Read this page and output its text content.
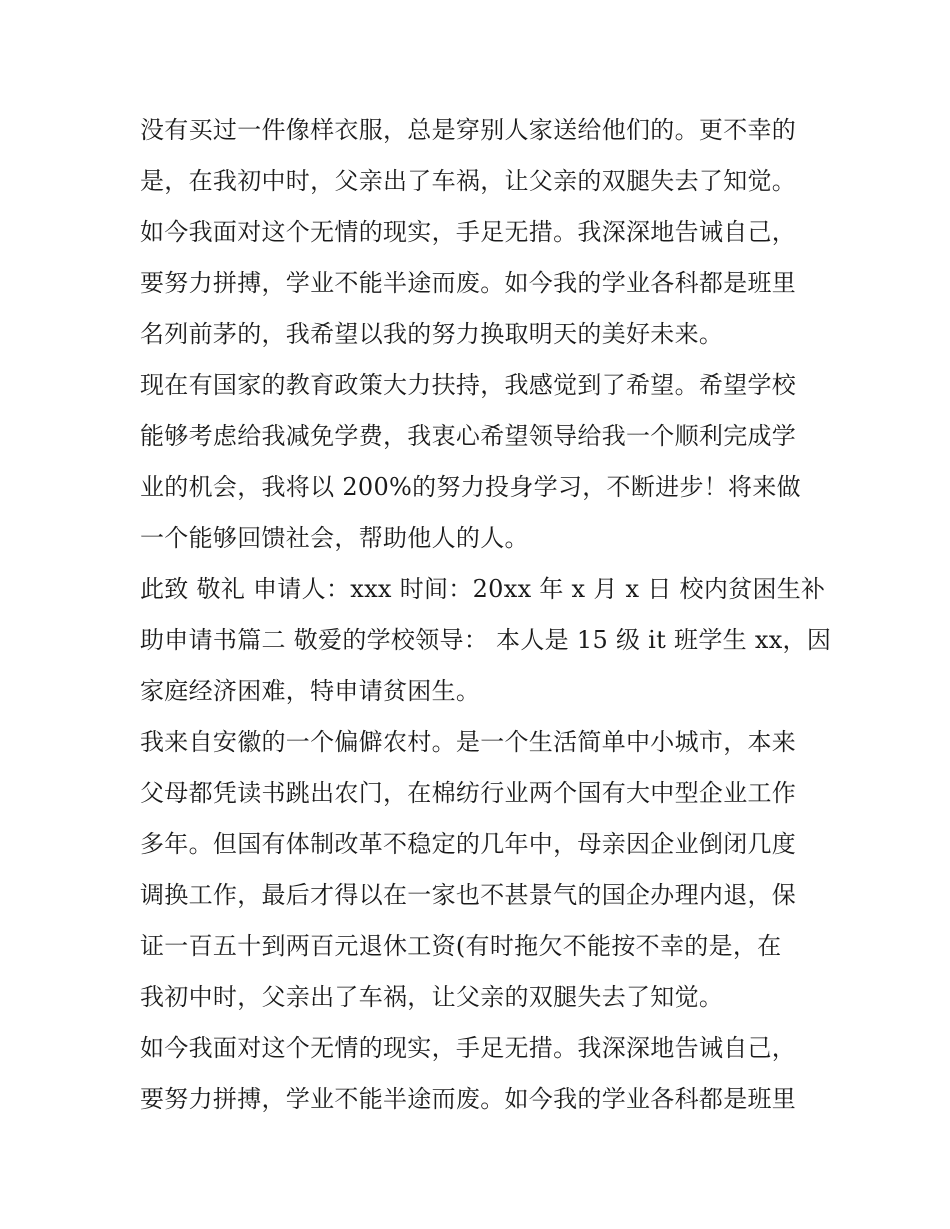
没有买过一件像样衣服，总是穿别人家送给他们的。更不幸的
是，在我初中时，父亲出了车祸，让父亲的双腿失去了知觉。
如今我面对这个无情的现实，手足无措。我深深地告诫自己，
要努力拼搏，学业不能半途而废。如今我的学业各科都是班里
名列前茅的，我希望以我的努力换取明天的美好未来。
现在有国家的教育政策大力扶持，我感觉到了希望。希望学校
能够考虑给我减免学费，我衷心希望领导给我一个顺利完成学
业的机会，我将以 200%的努力投身学习，不断进步！将来做
一个能够回馈社会，帮助他人的人。
此致 敬礼 申请人：xxx 时间：20xx 年 x 月 x 日 校内贫困生补
助申请书篇二 敬爱的学校领导： 本人是 15 级 it 班学生 xx，因
家庭经济困难，特申请贫困生。
我来自安徽的一个偏僻农村。是一个生活简单中小城市，本来
父母都凭读书跳出农门，在棉纺行业两个国有大中型企业工作
多年。但国有体制改革不稳定的几年中，母亲因企业倒闭几度
调换工作，最后才得以在一家也不甚景气的国企办理内退，保
证一百五十到两百元退休工资(有时拖欠不能按不幸的是，在
我初中时，父亲出了车祸，让父亲的双腿失去了知觉。
如今我面对这个无情的现实，手足无措。我深深地告诫自己，
要努力拼搏，学业不能半途而废。如今我的学业各科都是班里
